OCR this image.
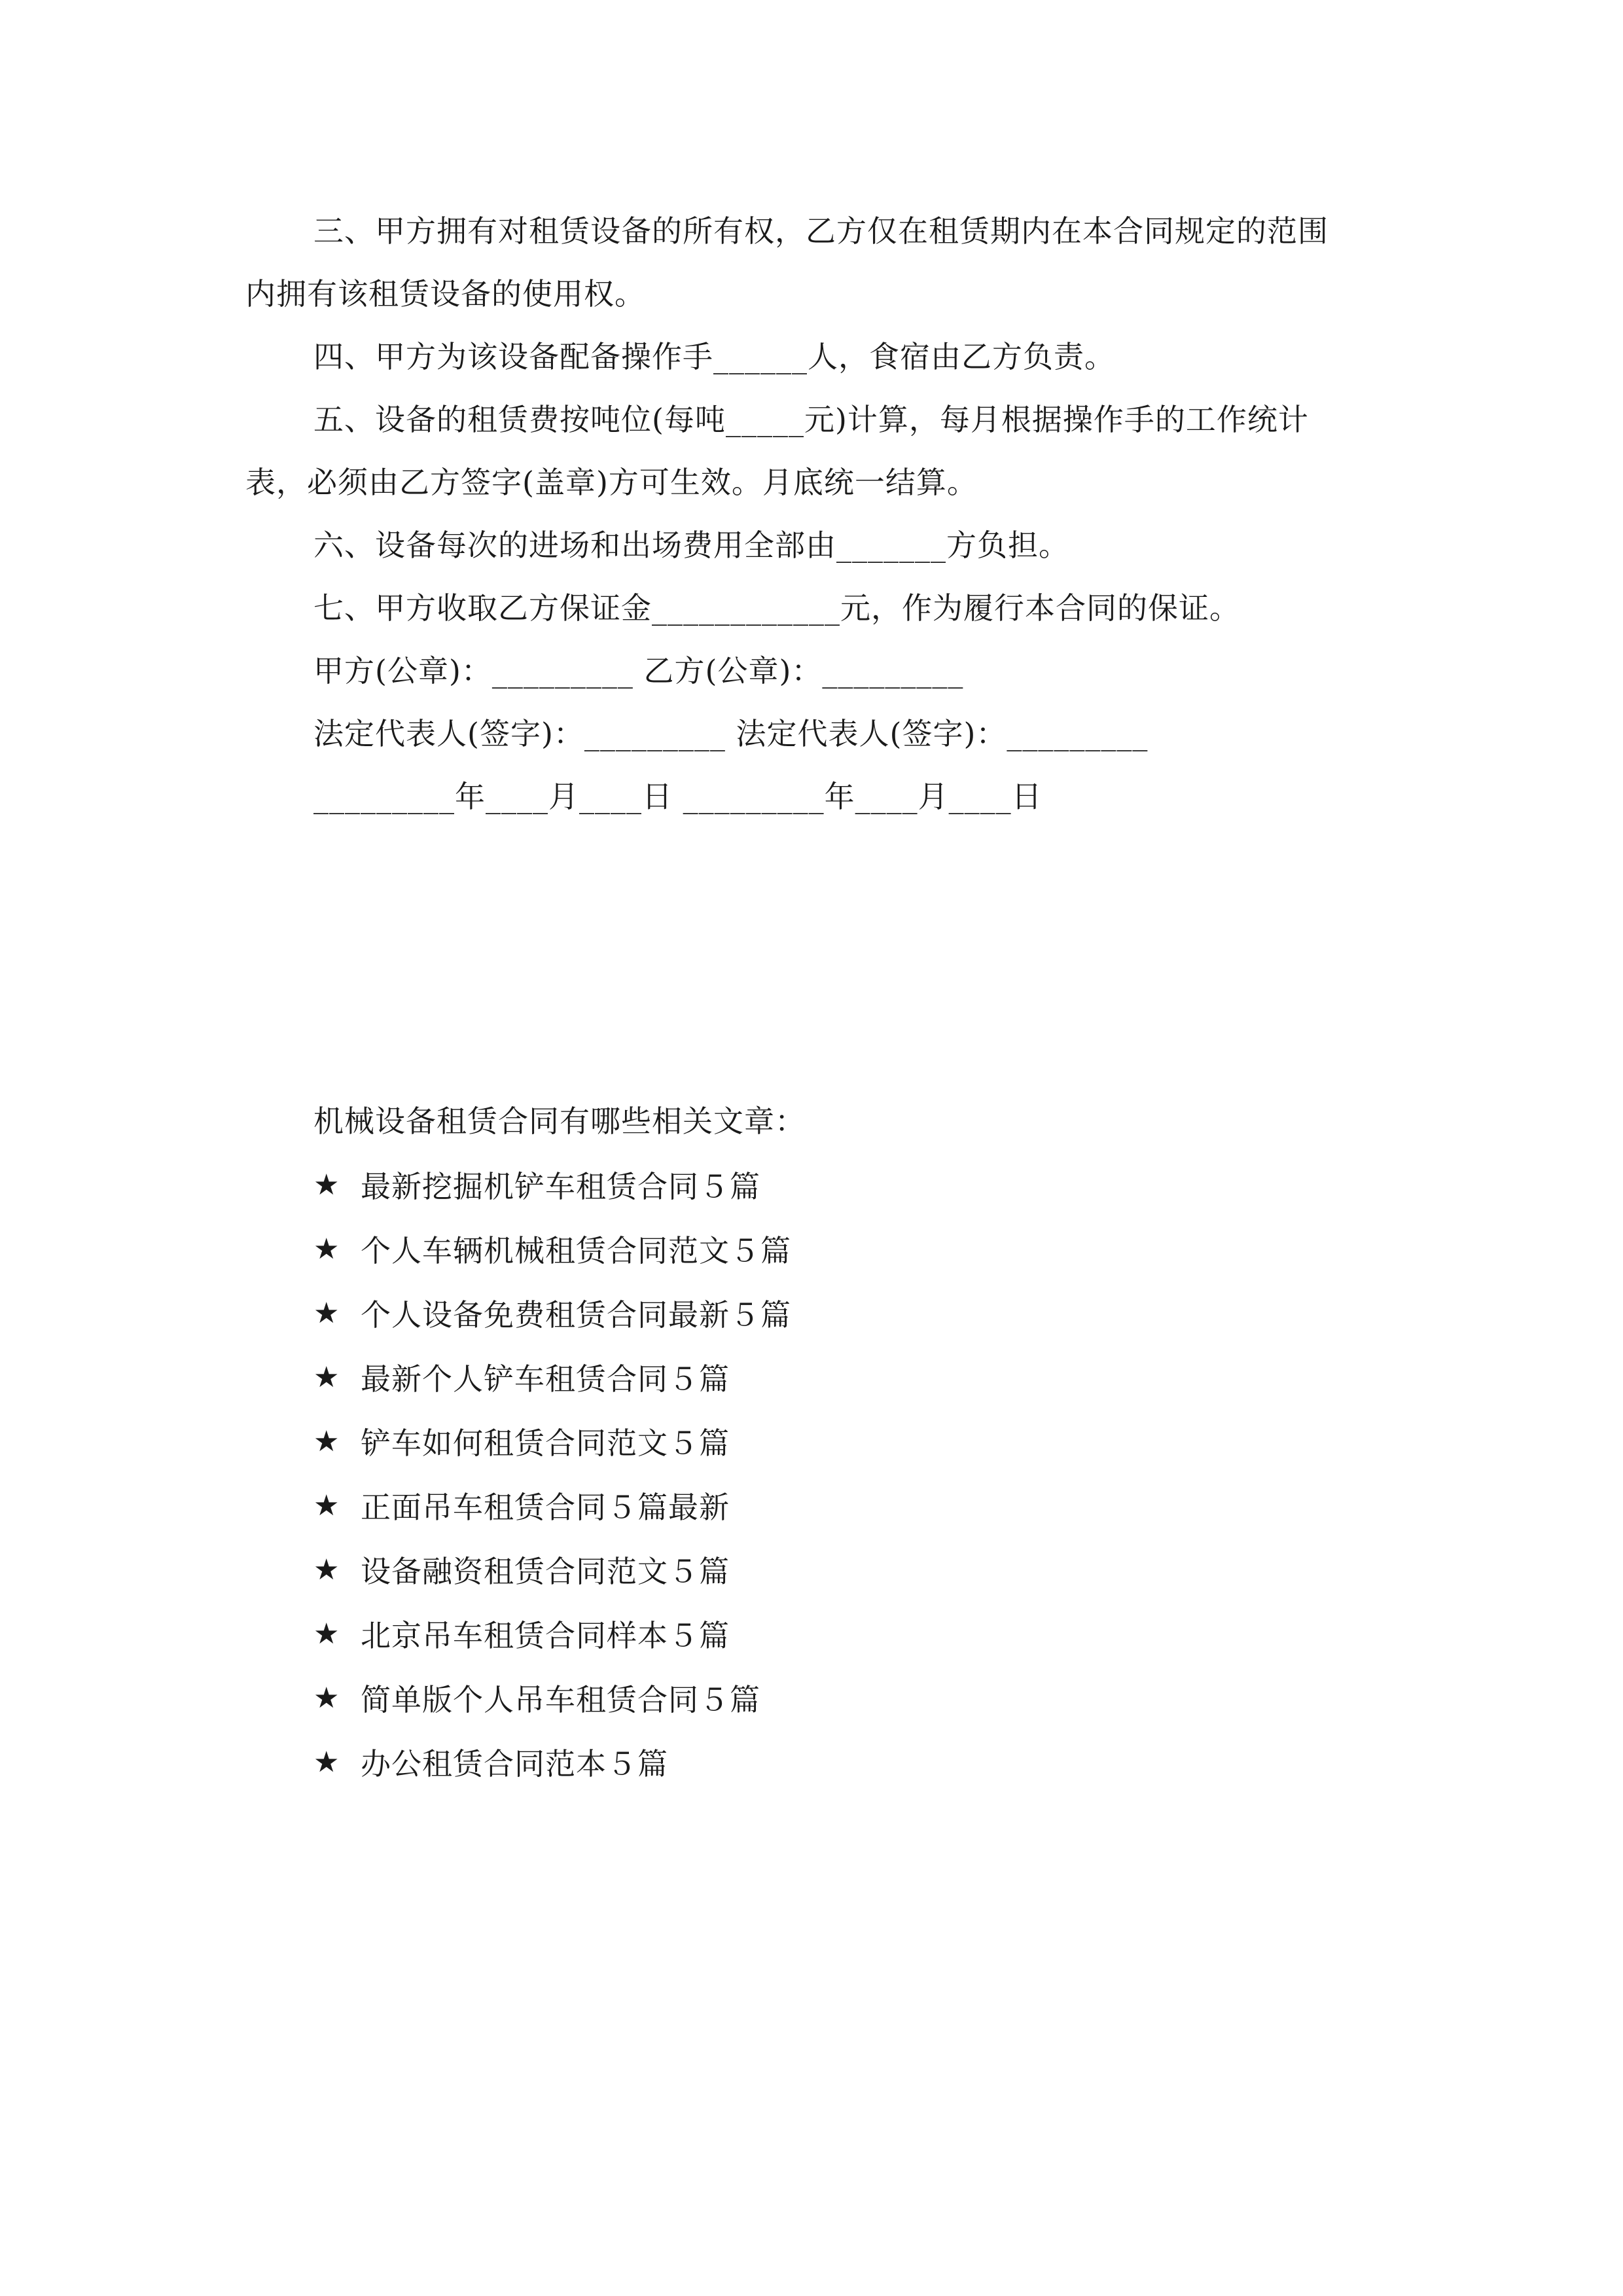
三、甲方拥有对租赁设备的所有权，乙方仅在租赁期内在本合同规定的范围

内拥有该租赁设备的使用权。

四、甲方为该设备配备操作手______人，食宿由乙方负责。

五、设备的租赁费按吨位(每吨_____元)计算，每月根据操作手的工作统计

表，必须由乙方签字(盖章)方可生效。月底统一结算。

六、设备每次的进场和出场费用全部由_______方负担。

七、甲方收取乙方保证金____________元，作为履行本合同的保证。

甲方(公章)：_________ 乙方(公章)：_________

法定代表人(签字)：_________ 法定代表人(签字)：_________

_________年____月____日 _________年____月____日

机械设备租赁合同有哪些相关文章：

★ 最新挖掘机铲车租赁合同５篇
★ 个人车辆机械租赁合同范文５篇
★ 个人设备免费租赁合同最新５篇
★ 最新个人铲车租赁合同５篇
★ 铲车如何租赁合同范文５篇
★ 正面吊车租赁合同５篇最新
★ 设备融资租赁合同范文５篇
★ 北京吊车租赁合同样本５篇
★ 简单版个人吊车租赁合同５篇
★ 办公租赁合同范本５篇
